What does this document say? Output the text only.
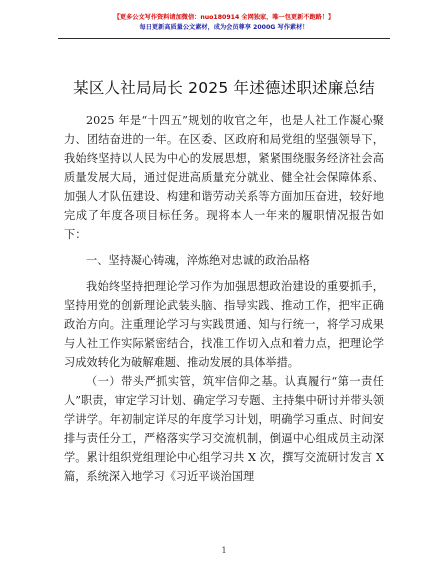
【更多公文写作资料请加微信：nuo180914 全网独家，唯一包更新不跑路！】
每日更新高质量公文素材，成为会员尊享 2000G 写作素材！
某区人社局局长 2025 年述德述职述廉总结

2025 年是“十四五”规划的收官之年，也是人社工作凝心聚力、团结奋进的一年。在区委、区政府和局党组的坚强领导下，我始终坚持以人民为中心的发展思想，紧紧围绕服务经济社会高质量发展大局，通过促进高质量充分就业、健全社会保障体系、加强人才队伍建设、构建和谐劳动关系等方面加压奋进，较好地完成了年度各项目标任务。现将本人一年来的履职情况报告如下：

一、坚持凝心铸魂，淬炼绝对忠诚的政治品格

我始终坚持把理论学习作为加强思想政治建设的重要抓手，坚持用党的创新理论武装头脑、指导实践、推动工作，把牢正确政治方向。注重理论学习与实践贯通、知与行统一，将学习成果与人社工作实际紧密结合，找准工作切入点和着力点，把理论学习成效转化为破解难题、推动发展的具体举措。

（一）带头严抓实管，筑牢信仰之基。认真履行“第一责任人”职责，审定学习计划、确定学习专题、主持集中研讨并带头领学讲学。年初制定详尽的年度学习计划，明确学习重点、时间安排与责任分工，严格落实学习交流机制，倒逼中心组成员主动深学。累计组织党组理论中心组学习共 X 次，撰写交流研讨发言 X 篇，系统深入地学习《习近平谈治国理

1
